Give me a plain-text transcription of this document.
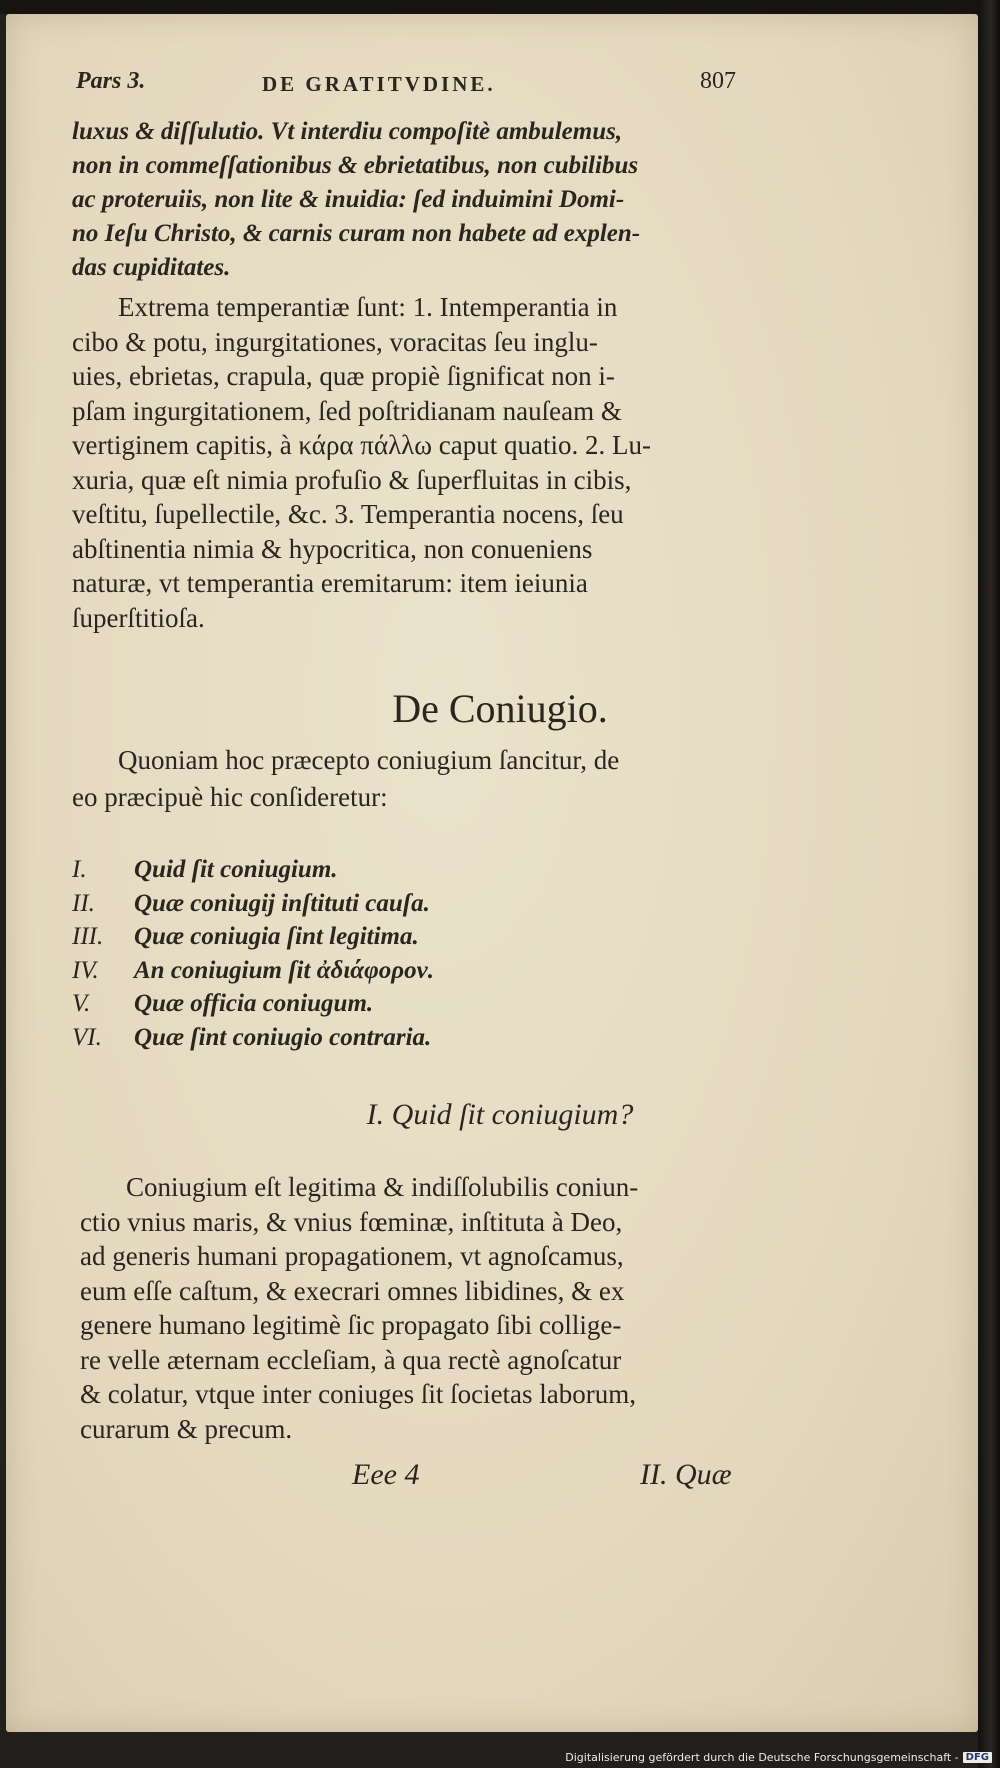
Pars 3.	DE GRATITVDINE.	807
luxus & diſſulutio. Vt interdiu compoſitè ambulemus,
non in commeſſationibus & ebrietatibus, non cubilibus
ac proteruiis, non lite & inuidia: ſed induimini Domi-
no Ieſu Christo, & carnis curam non habete ad explen-
das cupiditates.
Extrema temperantiæ ſunt: 1. Intemperantia in
cibo & potu, ingurgitationes, voracitas ſeu inglu-
uies, ebrietas, crapula, quæ propiè ſignificat non i-
pſam ingurgitationem, ſed poſtridianam nauſeam &
vertiginem capitis, à κάρα πάλλω caput quatio. 2. Lu-
xuria, quæ eſt nimia profuſio & ſuperfluitas in cibis,
veſtitu, ſupellectile, &c. 3. Temperantia nocens, ſeu
abſtinentia nimia & hypocritica, non conueniens
naturæ, vt temperantia eremitarum: item ieiunia
ſuperſtitioſa.
De Coniugio.
Quoniam hoc præcepto coniugium ſancitur, de
eo præcipuè hic conſideretur:
I. Quid ſit coniugium.
II. Quæ coniugij inſtituti cauſa.
III. Quæ coniugia ſint legitima.
IV. An coniugium ſit ἀδιάφορον.
V. Quæ officia coniugum.
VI. Quæ ſint coniugio contraria.
I. Quid ſit coniugium?
Coniugium eſt legitima & indiſſolubilis coniun-
ctio vnius maris, & vnius fœminæ, inſtituta à Deo,
ad generis humani propagationem, vt agnoſcamus,
eum eſſe caſtum, & execrari omnes libidines, & ex
genere humano legitimè ſic propagato ſibi collige-
re velle æternam eccleſiam, à qua rectè agnoſcatur
& colatur, vtque inter coniuges ſit ſocietas laborum,
curarum & precum.
Eee 4	II. Quæ
Digitalisierung gefördert durch die Deutsche Forschungsgemeinschaft - DFG
